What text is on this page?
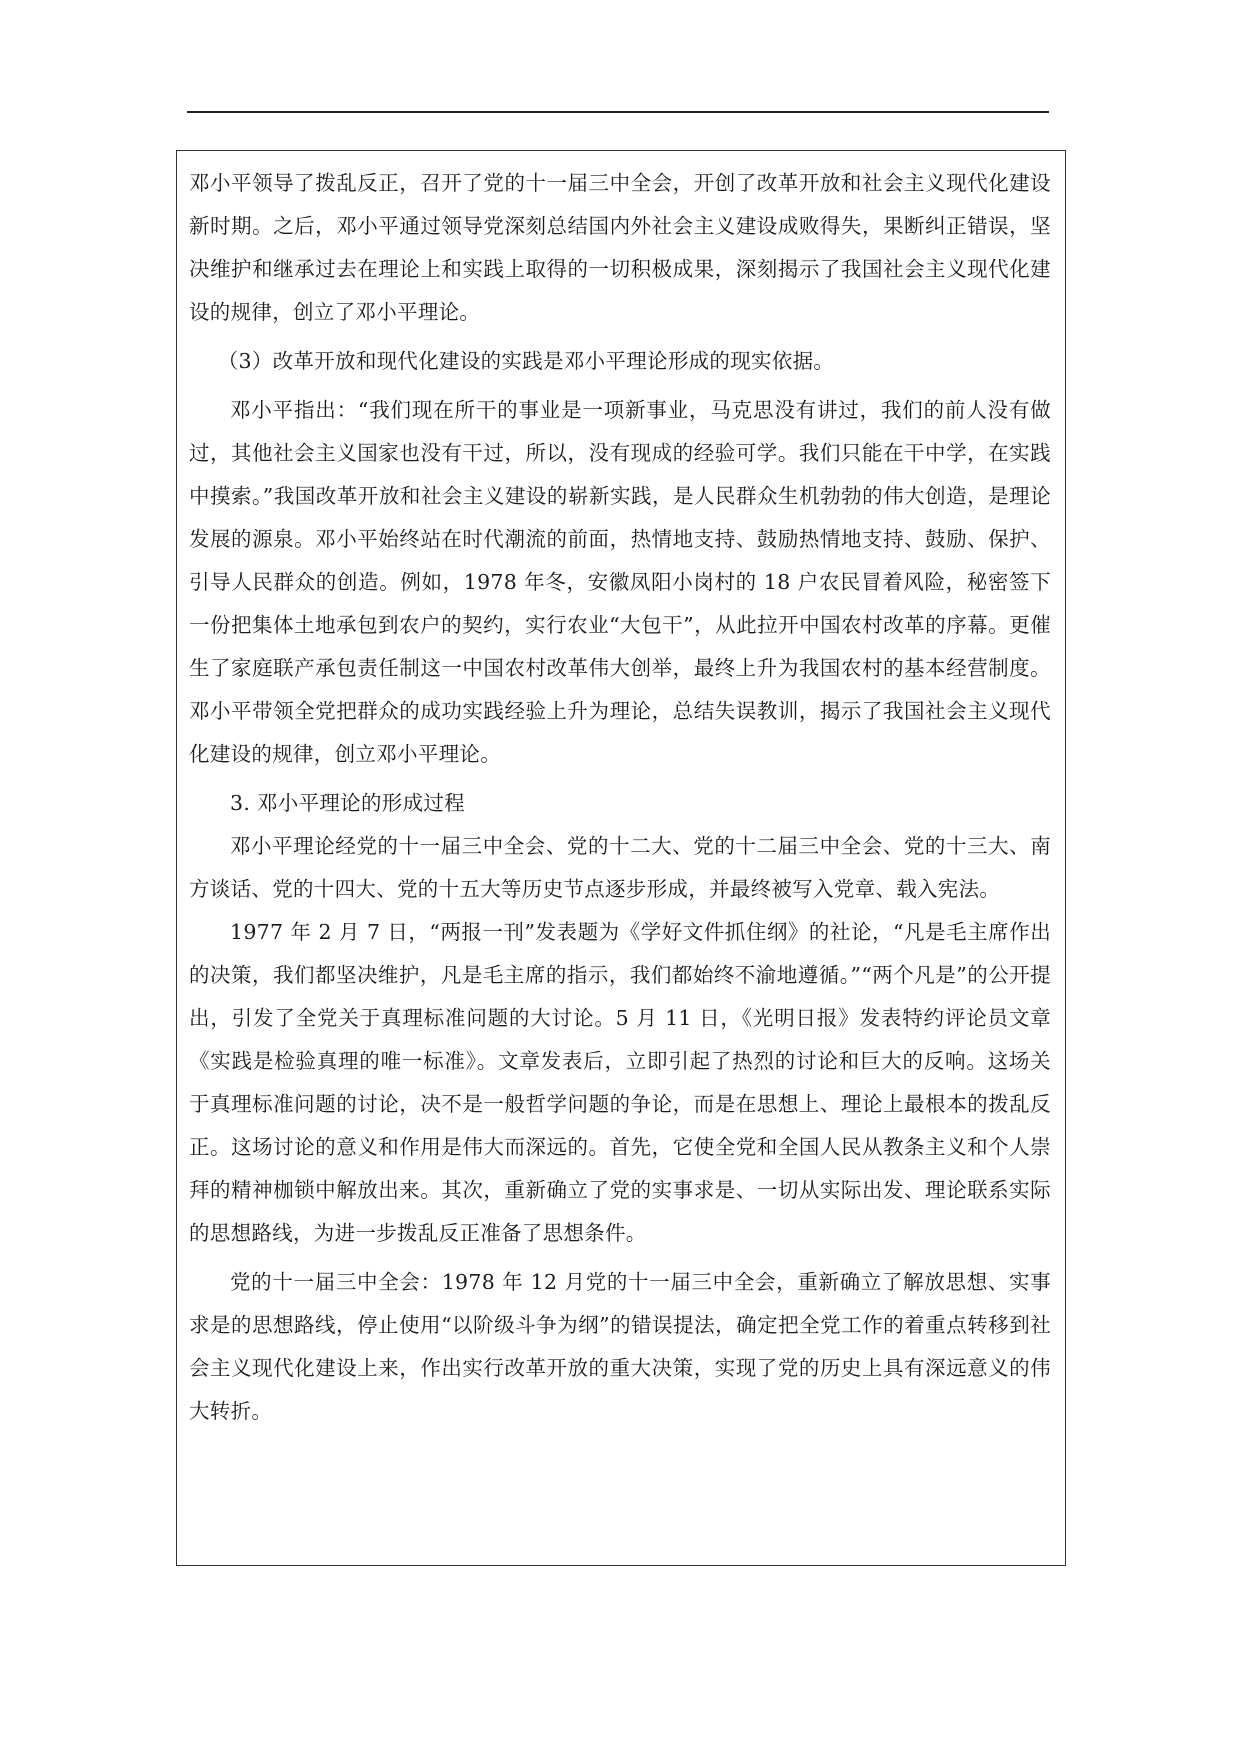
邓小平领导了拨乱反正，召开了党的十一届三中全会，开创了改革开放和社会主义现代化建设新时期。之后，邓小平通过领导党深刻总结国内外社会主义建设成败得失，果断纠正错误，坚决维护和继承过去在理论上和实践上取得的一切积极成果，深刻揭示了我国社会主义现代化建设的规律，创立了邓小平理论。

（3）改革开放和现代化建设的实践是邓小平理论形成的现实依据。

邓小平指出：“我们现在所干的事业是一项新事业，马克思没有讲过，我们的前人没有做过，其他社会主义国家也没有干过，所以，没有现成的经验可学。我们只能在干中学，在实践中摸索。”我国改革开放和社会主义建设的崭新实践，是人民群众生机勃勃的伟大创造，是理论发展的源泉。邓小平始终站在时代潮流的前面，热情地支持、鼓励热情地支持、鼓励、保护、引导人民群众的创造。例如，1978 年冬，安徽凤阳小岗村的 18 户农民冒着风险，秘密签下一份把集体土地承包到农户的契约，实行农业“大包干”，从此拉开中国农村改革的序幕。更催生了家庭联产承包责任制这一中国农村改革伟大创举，最终上升为我国农村的基本经营制度。邓小平带领全党把群众的成功实践经验上升为理论，总结失误教训，揭示了我国社会主义现代化建设的规律，创立邓小平理论。

3. 邓小平理论的形成过程

邓小平理论经党的十一届三中全会、党的十二大、党的十二届三中全会、党的十三大、南方谈话、党的十四大、党的十五大等历史节点逐步形成，并最终被写入党章、载入宪法。

1977 年 2 月 7 日，“两报一刊”发表题为《学好文件抓住纲》的社论，“凡是毛主席作出的决策，我们都坚决维护，凡是毛主席的指示，我们都始终不渝地遵循。”“两个凡是”的公开提出，引发了全党关于真理标准问题的大讨论。5 月 11 日，《光明日报》发表特约评论员文章《实践是检验真理的唯一标准》。文章发表后，立即引起了热烈的讨论和巨大的反响。这场关于真理标准问题的讨论，决不是一般哲学问题的争论，而是在思想上、理论上最根本的拨乱反正。这场讨论的意义和作用是伟大而深远的。首先，它使全党和全国人民从教条主义和个人崇拜的精神枷锁中解放出来。其次，重新确立了党的实事求是、一切从实际出发、理论联系实际的思想路线，为进一步拨乱反正准备了思想条件。

党的十一届三中全会：1978 年 12 月党的十一届三中全会，重新确立了解放思想、实事求是的思想路线，停止使用“以阶级斗争为纲”的错误提法，确定把全党工作的着重点转移到社会主义现代化建设上来，作出实行改革开放的重大决策，实现了党的历史上具有深远意义的伟大转折。
